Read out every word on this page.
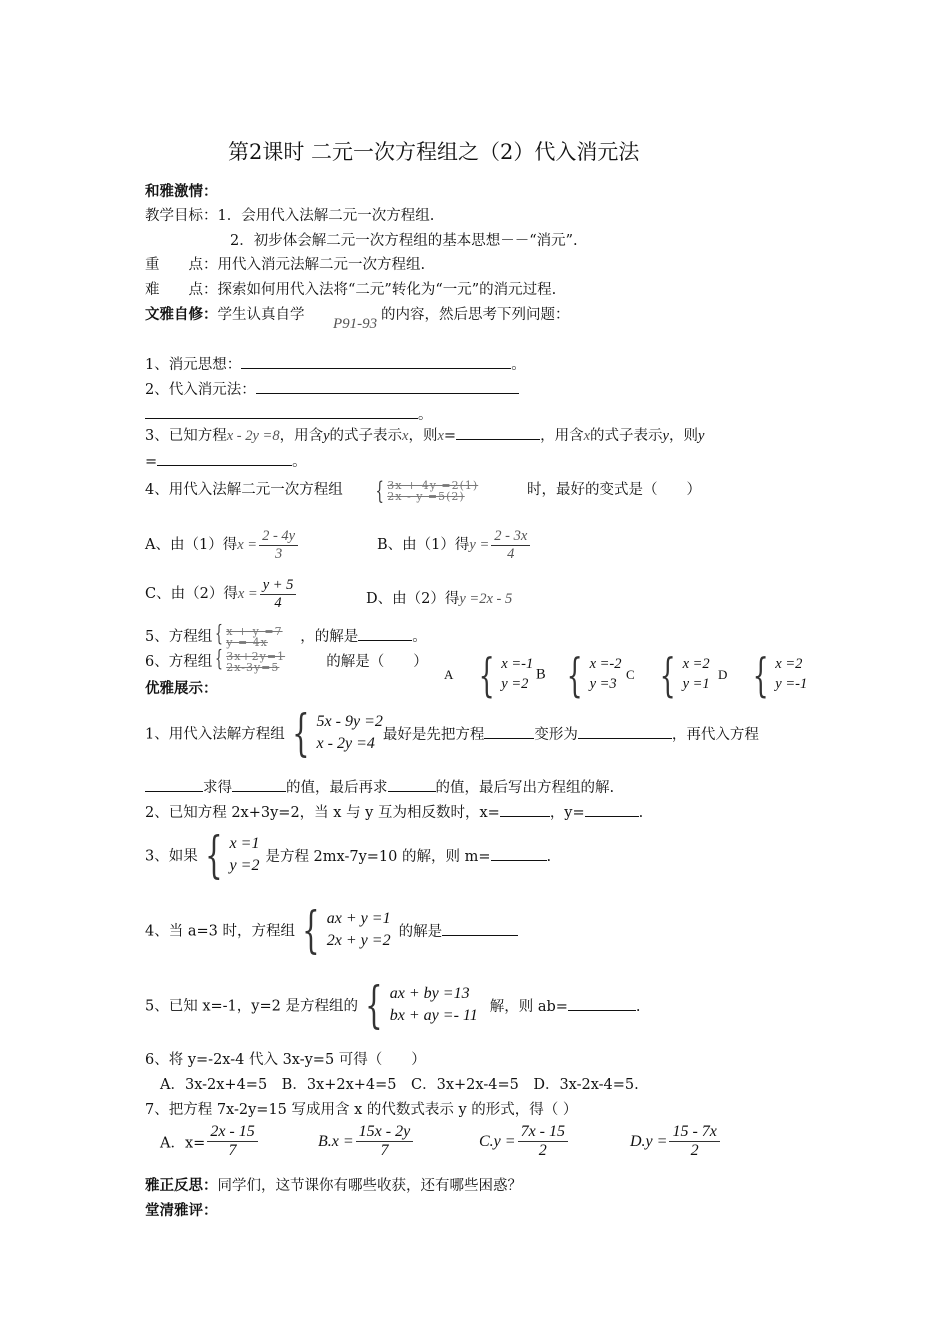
第2课时 二元一次方程组之（2）代入消元法
和雅激情：
教学目标：1．会用代入法解二元一次方程组.
2．初步体会解二元一次方程组的基本思想－－“消元”.
重　　点：用代入消元法解二元一次方程组.
难　　点：探索如何用代入法将“二元”转化为“一元”的消元过程.
文雅自修：学生认真自学
P91-93
的内容，然后思考下列问题：
1、消元思想：	。
2、代入消元法：
。
3、已知方程x - 2y =8，用含y的式子表示x，则x=	，用含x的式子表示y，则y
=	。
4、用代入法解二元一次方程组 { 3x + 4y =2(1)
2x - y =5(2)	时，最好的变式是（　　）
A、由（1）得$x = \frac{2 - 4y}{3}$	B、由（1）得$y = \frac{2 - 3x}{4}$
C、由（2）得$x = \frac{y + 5}{4}$	D、由（2）得y =2x - 5
5、方程组 { x + y =7
y = 4x	，的解是	。
6、方程组 { 3x+2y=1
2x-3y=5	的解是（　　）
A { x =-1
y =2
B { x =-2
y =3
C { x =2
y =1
D { x =2
y =-1
优雅展示：
1、用代入法解方程组 { 5x - 9y =2
x - 2y =4
最好是先把方程	变形为	，再代入方程
求得	的值，最后再求	的值，最后写出方程组的解.
2、已知方程 2x+3y=2，当 x 与 y 互为相反数时，x=	，y=	.
3、如果 { x =1
y =2
是方程 2mx-7y=10 的解，则 m=	.
4、当 a=3 时，方程组 { ax + y =1
2x + y =2
的解是
5、已知 x=-1，y=2 是方程组的 { ax + by =13
bx + ay =- 11
解，则 ab=	.
6、将 y=-2x-4 代入 3x-y=5 可得（　　）
A．3x-2x+4=5　B．3x+2x+4=5　C．3x+2x-4=5　D．3x-2x-4=5.
7、把方程 7x-2y=15 写成用含 x 的代数式表示 y 的形式，得（ ）
A．$x= \frac{2x - 15}{7}$	$B.x = \frac{15x - 2y}{7}$	$C.y = \frac{7x - 15}{2}$	$D.y = \frac{15 - 7x}{2}$
雅正反思：同学们，这节课你有哪些收获，还有哪些困惑？
堂清雅评：
